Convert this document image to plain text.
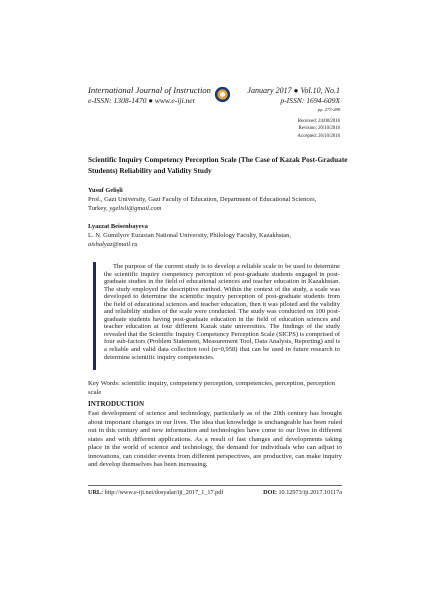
International Journal of Instruction
e-ISSN: 1308-1470 ● www.e-iji.net
January 2017 ● Vol.10, No.1
p-ISSN: 1694-609X
pp. 273-288
Received: 24/08/2016
Revision: 20/10/2016
Accepted: 26/10/2016
Scientific Inquiry Competency Perception Scale (The Case of Kazak Post-Graduate Students) Reliability and Validity Study
Yusuf Gelişli
Prof., Gazi University, Gazi Faculty of Education, Department of Educational Sciences,
Turkey, ygelisli@gmail.com
Lyazzat Beisenbayeva
L. N. Gumilyov Eurasian National University, Philology Faculty, Kazakhstan,
aishalyaz@mail.ru
The purpose of the current study is to develop a reliable scale to be used to determine the scientific inquiry competency perception of post-graduate students engaged in post-graduate studies in the field of educational sciences and teacher education in Kazakhstan. The study employed the descriptive method. Within the context of the study, a scale was developed to determine the scientific inquiry perception of post-graduate students from the field of educational sciences and teacher education, then it was piloted and the validity and reliability studies of the scale were conducted. The study was conducted on 100 post-graduate students having post-graduate education in the field of education sciences and teacher education at four different Kazak state universities. The findings of the study revealed that the Scientific Inquiry Competency Perception Scale (SICPS) is comprised of four sub-factors (Problem Statement, Measurement Tool, Data Analysis, Reporting) and is a reliable and valid data collection tool (α=0,958) that can be used in future research to determine scientific inquiry competencies.
Key Words: scientific inquiry, competency perception, competencies, perception, perception scale
INTRODUCTION
Fast development of science and technology, particularly as of the 20th century has brought about important changes in our lives. The idea that knowledge is unchangeable has been ruled out in this century and new information and technologies have come to our lives in different states and with different applications. As a result of fast changes and developments taking place in the world of science and technology, the demand for individuals who can adjust to innovations, can consider events from different perspectives, are productive, can make inquiry and develop themselves has been increasing.
URL: http://www.e-iji.net/dosyalar/iji_2017_1_17.pdf	DOI: 10.12973/iji.2017.10117a
